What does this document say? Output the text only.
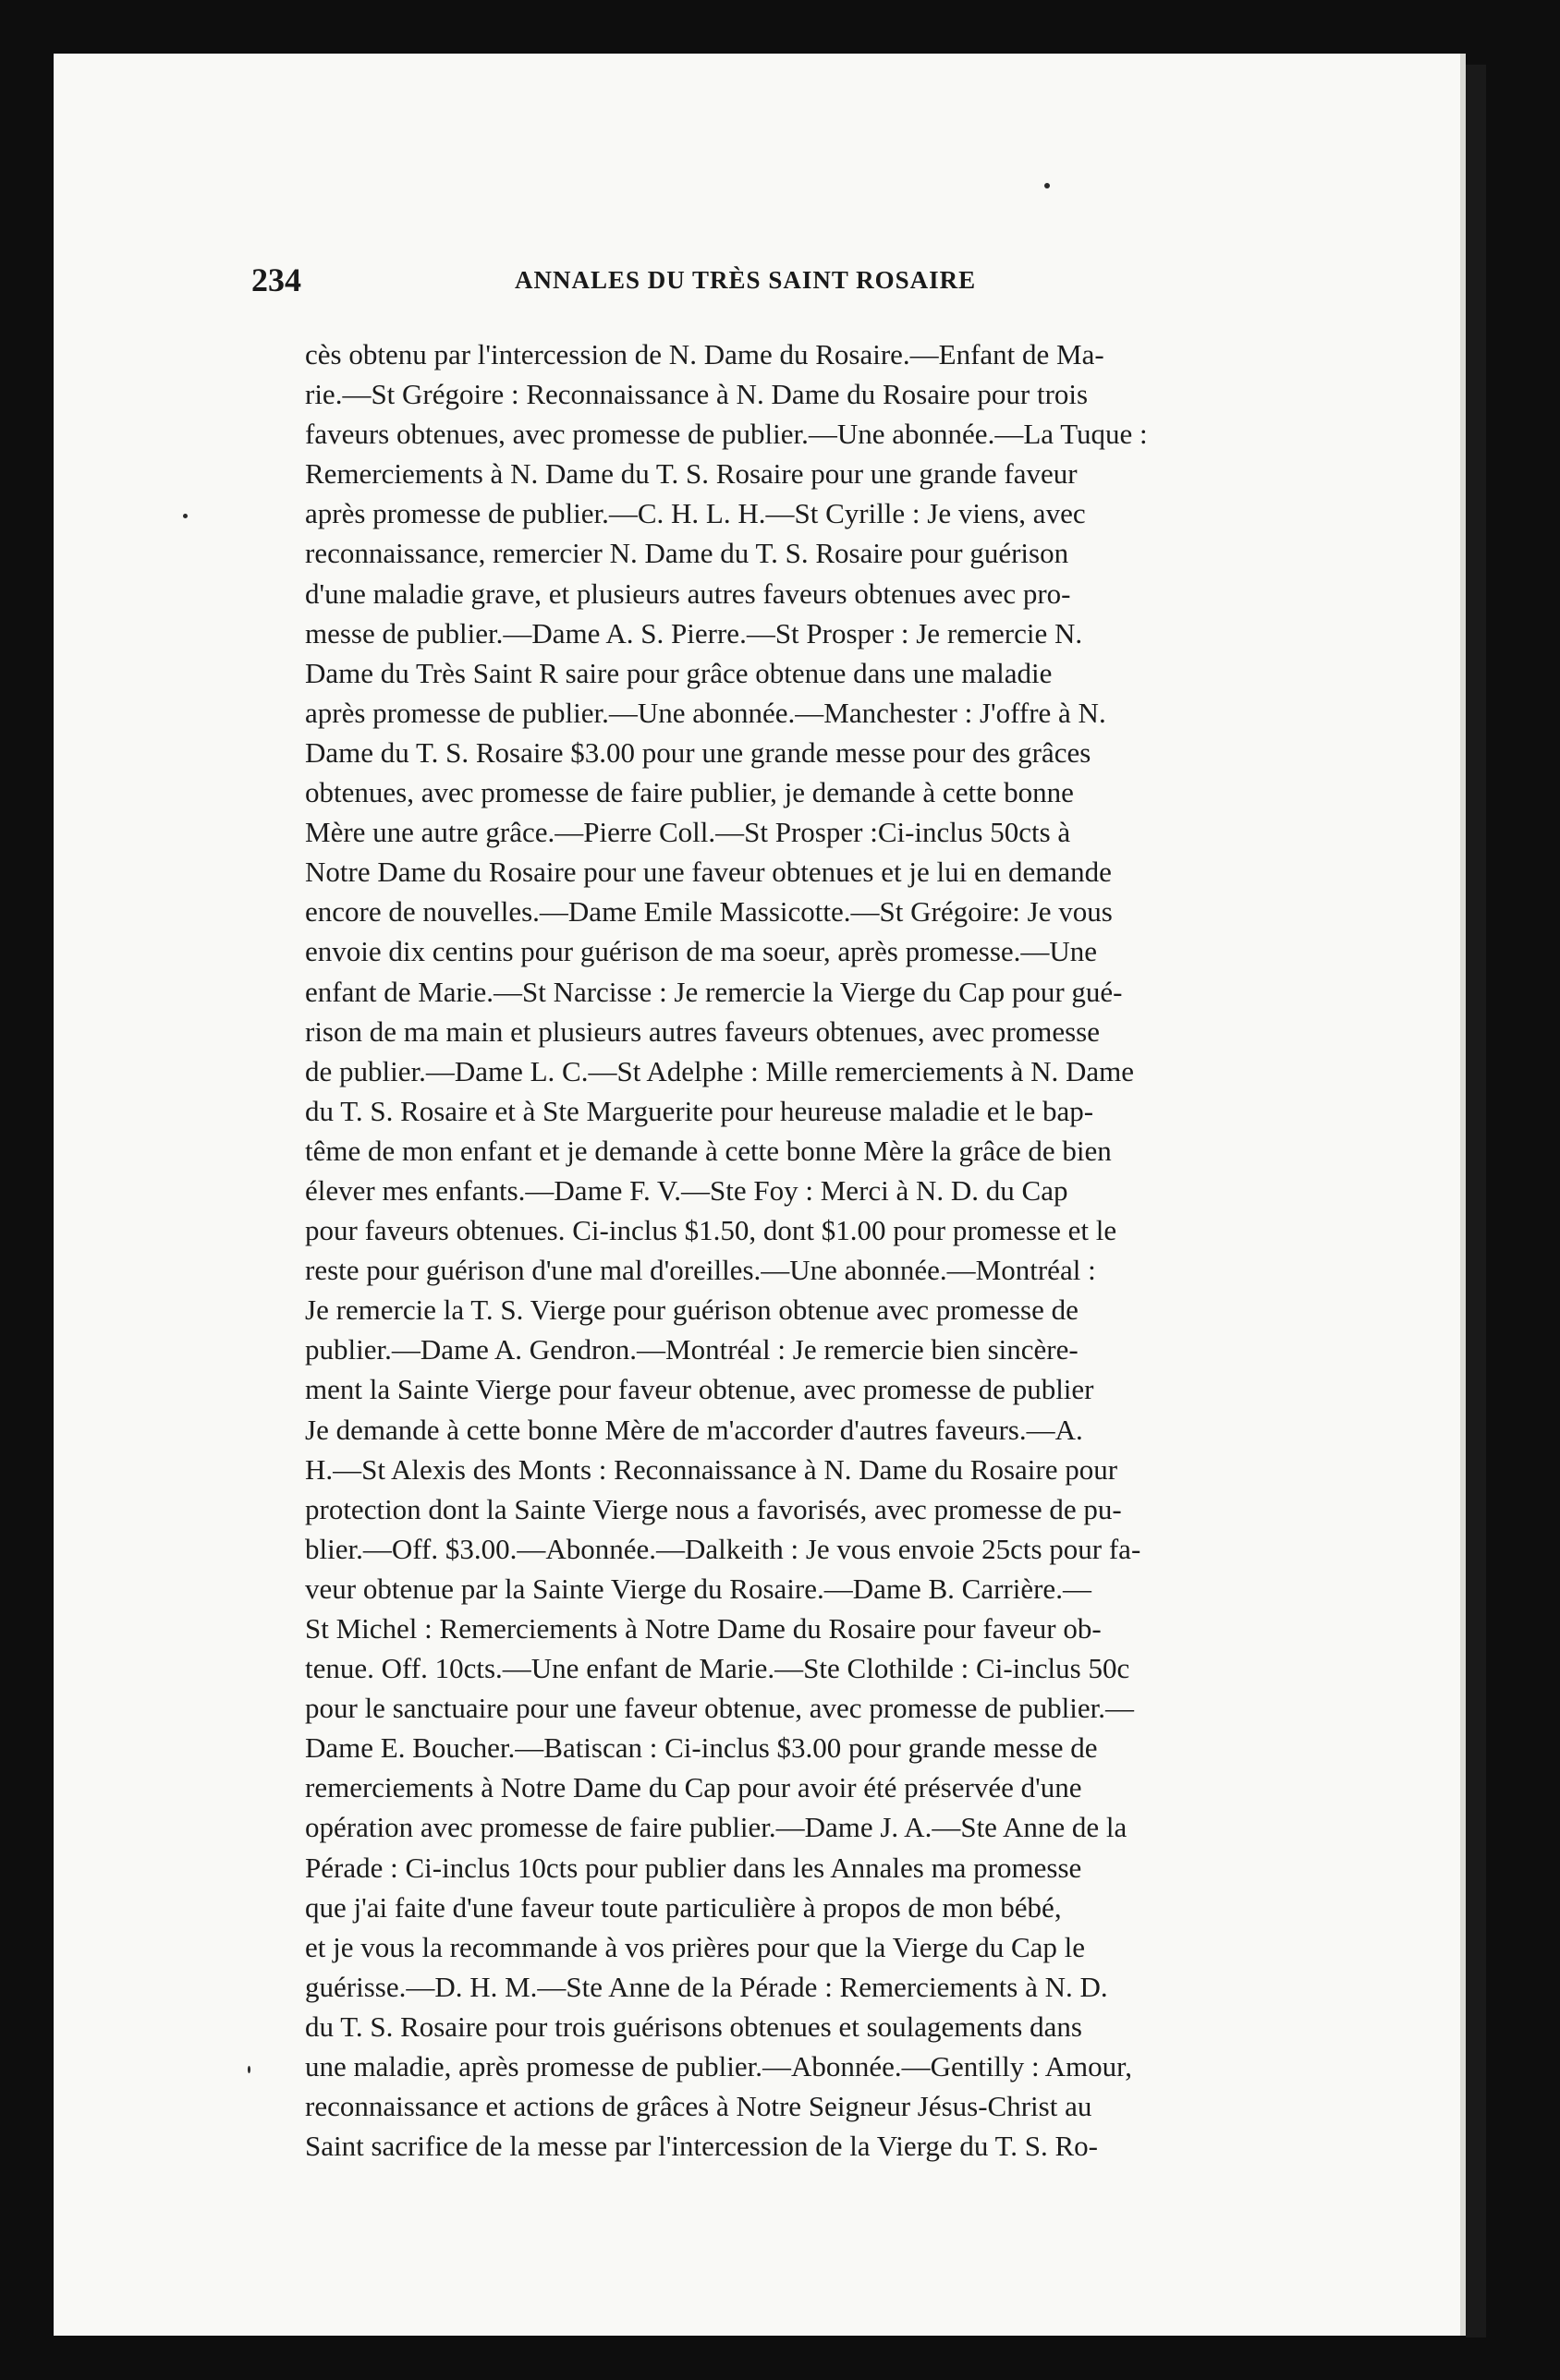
234	ANNALES DU TRÈS SAINT ROSAIRE
cès obtenu par l'intercession de N. Dame du Rosaire.—Enfant de Ma-
rie.—St Grégoire : Reconnaissance à N. Dame du Rosaire pour trois
faveurs obtenues, avec promesse de publier.—Une abonnée.—La Tuque :
Remerciements à N. Dame du T. S. Rosaire pour une grande faveur
après promesse de publier.—C. H. L. H.—St Cyrille : Je viens, avec
reconnaissance, remercier N. Dame du T. S. Rosaire pour guérison
d'une maladie grave, et plusieurs autres faveurs obtenues avec pro-
messe de publier.—Dame A. S. Pierre.—St Prosper : Je remercie N.
Dame du Très Saint R saire pour grâce obtenue dans une maladie
après promesse de publier.—Une abonnée.—Manchester : J'offre à N.
Dame du T. S. Rosaire $3.00 pour une grande messe pour des grâces
obtenues, avec promesse de faire publier, je demande à cette bonne
Mère une autre grâce.—Pierre Coll.—St Prosper :Ci-inclus 50cts à
Notre Dame du Rosaire pour une faveur obtenues et je lui en demande
encore de nouvelles.—Dame Emile Massicotte.—St Grégoire: Je vous
envoie dix centins pour guérison de ma soeur, après promesse.—Une
enfant de Marie.—St Narcisse : Je remercie la Vierge du Cap pour gué-
rison de ma main et plusieurs autres faveurs obtenues, avec promesse
de publier.—Dame L. C.—St Adelphe : Mille remerciements à N. Dame
du T. S. Rosaire et à Ste Marguerite pour heureuse maladie et le bap-
tême de mon enfant et je demande à cette bonne Mère la grâce de bien
élever mes enfants.—Dame F. V.—Ste Foy : Merci à N. D. du Cap
pour faveurs obtenues. Ci-inclus $1.50, dont $1.00 pour promesse et le
reste pour guérison d'une mal d'oreilles.—Une abonnée.—Montréal :
Je remercie la T. S. Vierge pour guérison obtenue avec promesse de
publier.—Dame A. Gendron.—Montréal : Je remercie bien sincère-
ment la Sainte Vierge pour faveur obtenue, avec promesse de publier
Je demande à cette bonne Mère de m'accorder d'autres faveurs.—A.
H.—St Alexis des Monts : Reconnaissance à N. Dame du Rosaire pour
protection dont la Sainte Vierge nous a favorisés, avec promesse de pu-
blier.—Off. $3.00.—Abonnée.—Dalkeith : Je vous envoie 25cts pour fa-
veur obtenue par la Sainte Vierge du Rosaire.—Dame B. Carrière.—
St Michel : Remerciements à Notre Dame du Rosaire pour faveur ob-
tenue. Off. 10cts.—Une enfant de Marie.—Ste Clothilde : Ci-inclus 50c
pour le sanctuaire pour une faveur obtenue, avec promesse de publier.—
Dame E. Boucher.—Batiscan : Ci-inclus $3.00 pour grande messe de
remerciements à Notre Dame du Cap pour avoir été préservée d'une
opération avec promesse de faire publier.—Dame J. A.—Ste Anne de la
Pérade : Ci-inclus 10cts pour publier dans les Annales ma promesse
que j'ai faite d'une faveur toute particulière à propos de mon bébé,
et je vous la recommande à vos prières pour que la Vierge du Cap le
guérisse.—D. H. M.—Ste Anne de la Pérade : Remerciements à N. D.
du T. S. Rosaire pour trois guérisons obtenues et soulagements dans
une maladie, après promesse de publier.—Abonnée.—Gentilly : Amour,
reconnaissance et actions de grâces à Notre Seigneur Jésus-Christ au
Saint sacrifice de la messe par l'intercession de la Vierge du T. S. Ro-
